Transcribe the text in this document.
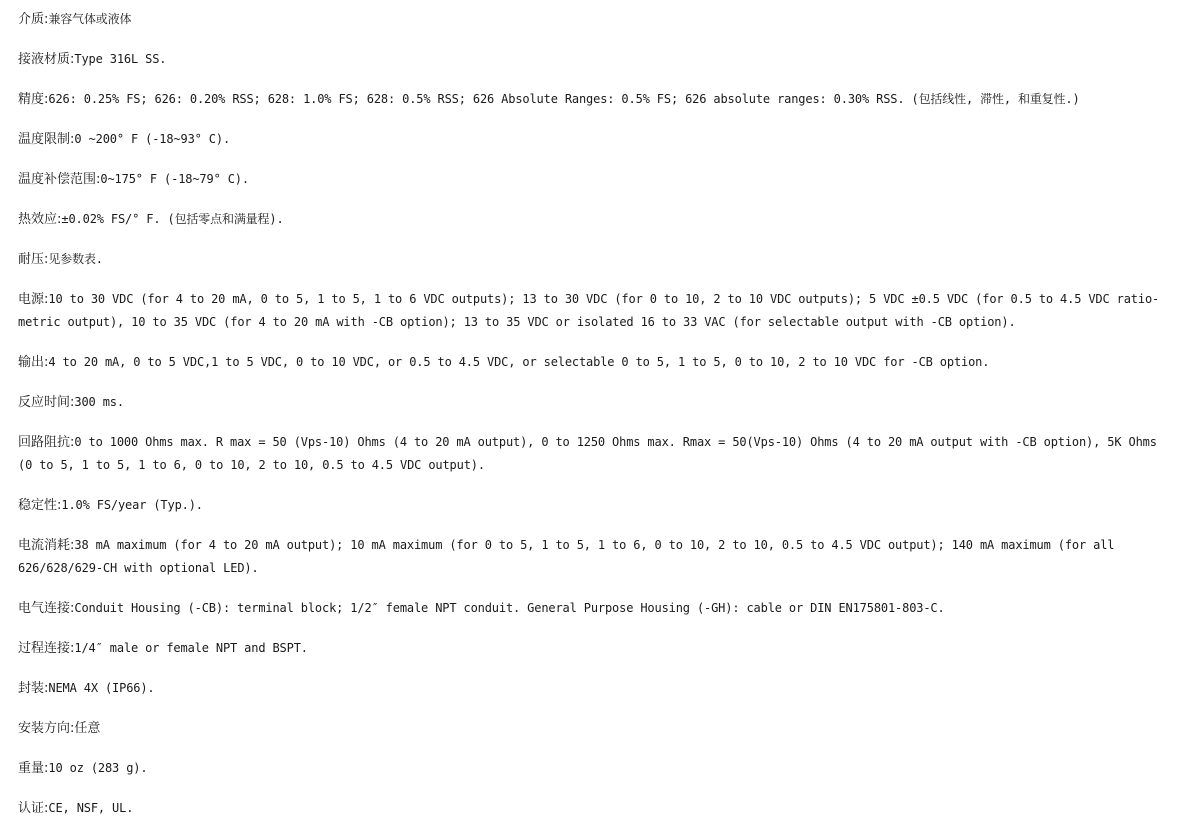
介质:兼容气体或液体

接液材质:Type 316L SS.

精度:626: 0.25% FS; 626: 0.20% RSS; 628: 1.0% FS; 628: 0.5% RSS; 626 Absolute Ranges: 0.5% FS; 626 absolute ranges: 0.30% RSS. (包括线性, 滞性, 和重复性.)

温度限制:0 ~200° F (-18~93° C).

温度补偿范围:0~175° F (-18~79° C).

热效应:±0.02% FS/° F. (包括零点和满量程).

耐压:见参数表.

电源:10 to 30 VDC (for 4 to 20 mA, 0 to 5, 1 to 5, 1 to 6 VDC outputs); 13 to 30 VDC (for 0 to 10, 2 to 10 VDC outputs); 5 VDC ±0.5 VDC (for 0.5 to 4.5 VDC ratio-metric output), 10 to 35 VDC (for 4 to 20 mA with -CB option); 13 to 35 VDC or isolated 16 to 33 VAC (for selectable output with -CB option).

输出:4 to 20 mA, 0 to 5 VDC,1 to 5 VDC, 0 to 10 VDC, or 0.5 to 4.5 VDC, or selectable 0 to 5, 1 to 5, 0 to 10, 2 to 10 VDC for -CB option.

反应时间:300 ms.

回路阻抗:0 to 1000 Ohms max. R max = 50 (Vps-10) Ohms (4 to 20 mA output), 0 to 1250 Ohms max. Rmax = 50(Vps-10) Ohms (4 to 20 mA output with -CB option), 5K Ohms (0 to 5, 1 to 5, 1 to 6, 0 to 10, 2 to 10, 0.5 to 4.5 VDC output).

稳定性:1.0% FS/year (Typ.).

电流消耗:38 mA maximum (for 4 to 20 mA output); 10 mA maximum (for 0 to 5, 1 to 5, 1 to 6, 0 to 10, 2 to 10, 0.5 to 4.5 VDC output); 140 mA maximum (for all 626/628/629-CH with optional LED).

电气连接:Conduit Housing (-CB): terminal block; 1/2″ female NPT conduit. General Purpose Housing (-GH): cable or DIN EN175801-803-C.

过程连接:1/4″ male or female NPT and BSPT.

封装:NEMA 4X (IP66).

安装方向:任意

重量:10 oz (283 g).

认证:CE, NSF, UL.
